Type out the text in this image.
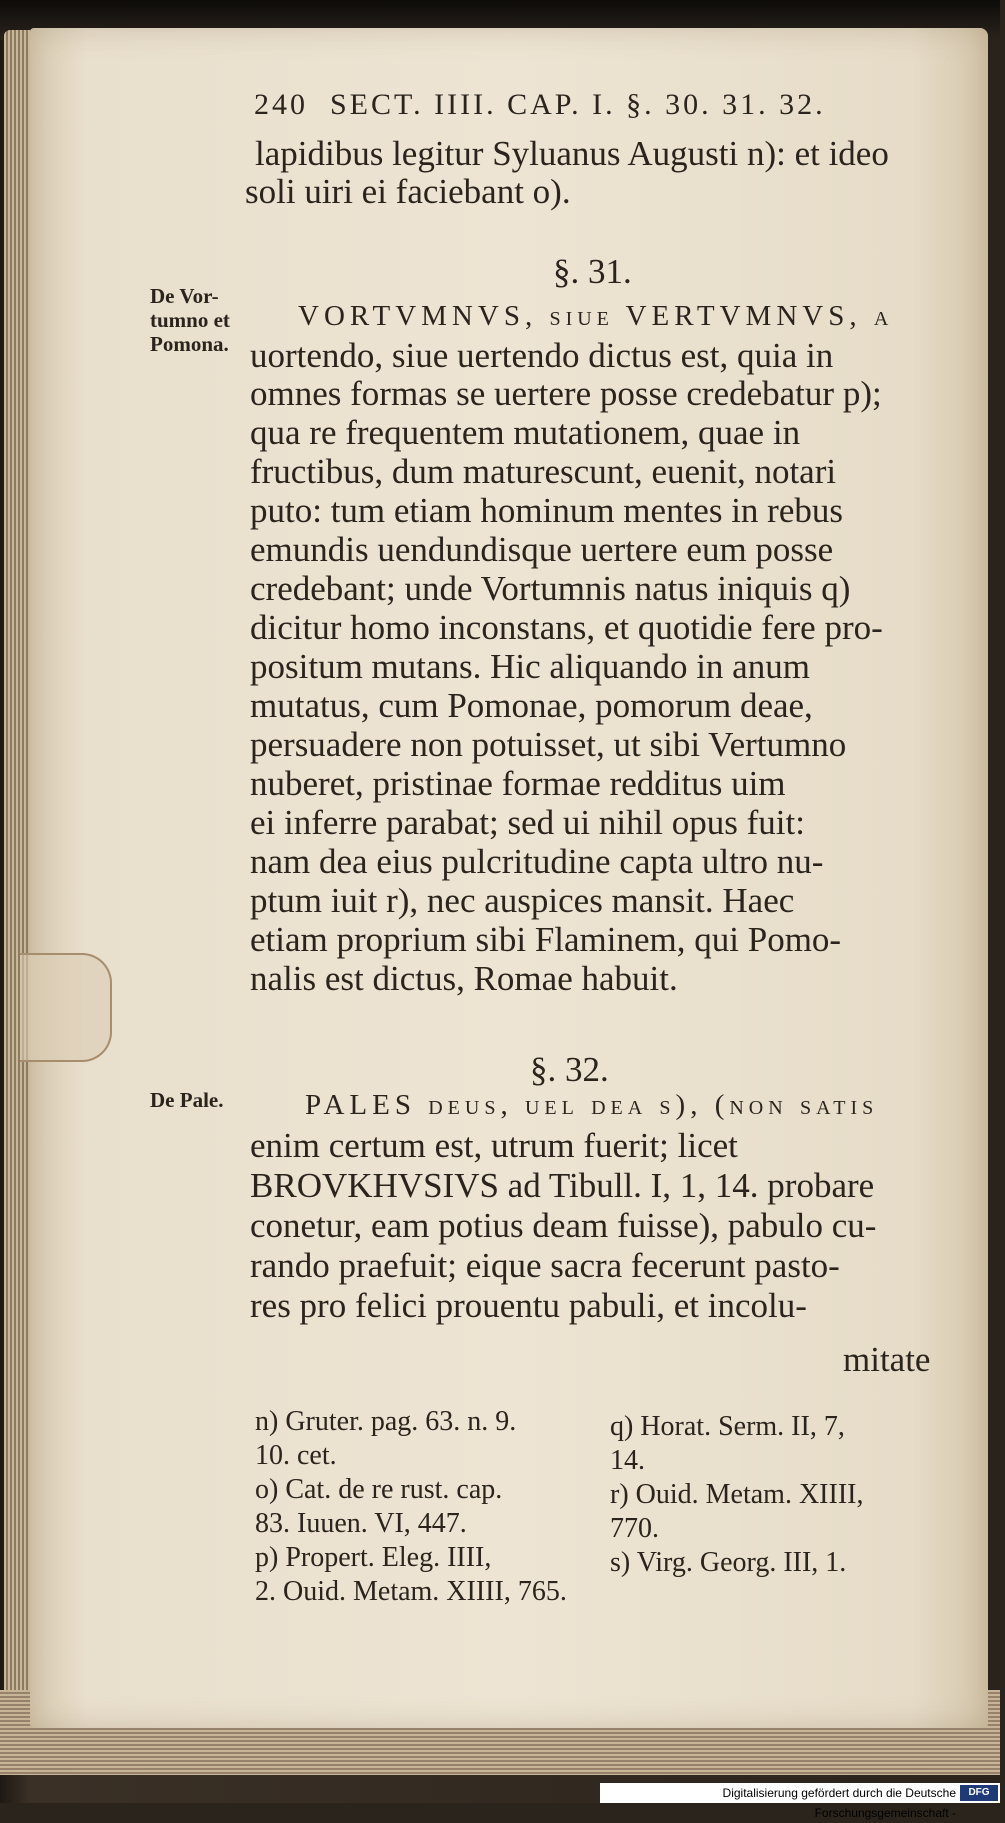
240 SECT. IIII. CAP. I. §. 30. 31. 32.
lapidibus legitur Syluanus Augusti n): et ideo
soli uiri ei faciebant o).
§. 31.
De Vor-
tumno et
Pomona.
VORTVMNVS, siue VERTVMNVS, a
uortendo, siue uertendo dictus est, quia in
omnes formas se uertere posse credebatur p);
qua re frequentem mutationem, quae in
fructibus, dum maturescunt, euenit, notari
puto: tum etiam hominum mentes in rebus
emundis uendundisque uertere eum posse
credebant; unde Vortumnis natus iniquis q)
dicitur homo inconstans, et quotidie fere pro-
positum mutans. Hic aliquando in anum
mutatus, cum Pomonae, pomorum deae,
persuadere non potuisset, ut sibi Vertumno
nuberet, pristinae formae redditus uim
ei inferre parabat; sed ui nihil opus fuit:
nam dea eius pulcritudine capta ultro nu-
ptum iuit r), nec auspices mansit. Haec
etiam proprium sibi Flaminem, qui Pomo-
nalis est dictus, Romae habuit.
§. 32.
De Pale.	PALES deus, uel dea s), (non satis
enim certum est, utrum fuerit; licet
BROVKHVSIVS ad Tibull. I, 1, 14. probare
conetur, eam potius deam fuisse), pabulo cu-
rando praefuit; eique sacra fecerunt pasto-
res pro felici prouentu pabuli, et incolu-
mitate
n) Gruter. pag. 63. n. 9.
10. cet.
o) Cat. de re rust. cap.
83. Iuuen. VI, 447.
p) Propert. Eleg. IIII,
2. Ouid. Metam. XIIII, 765.
q) Horat. Serm. II, 7,
14.
r) Ouid. Metam. XIIII,
770.
s) Virg. Georg. III, 1.
Digitalisierung gefördert durch die Deutsche Forschungsgemeinschaft -
DFG
